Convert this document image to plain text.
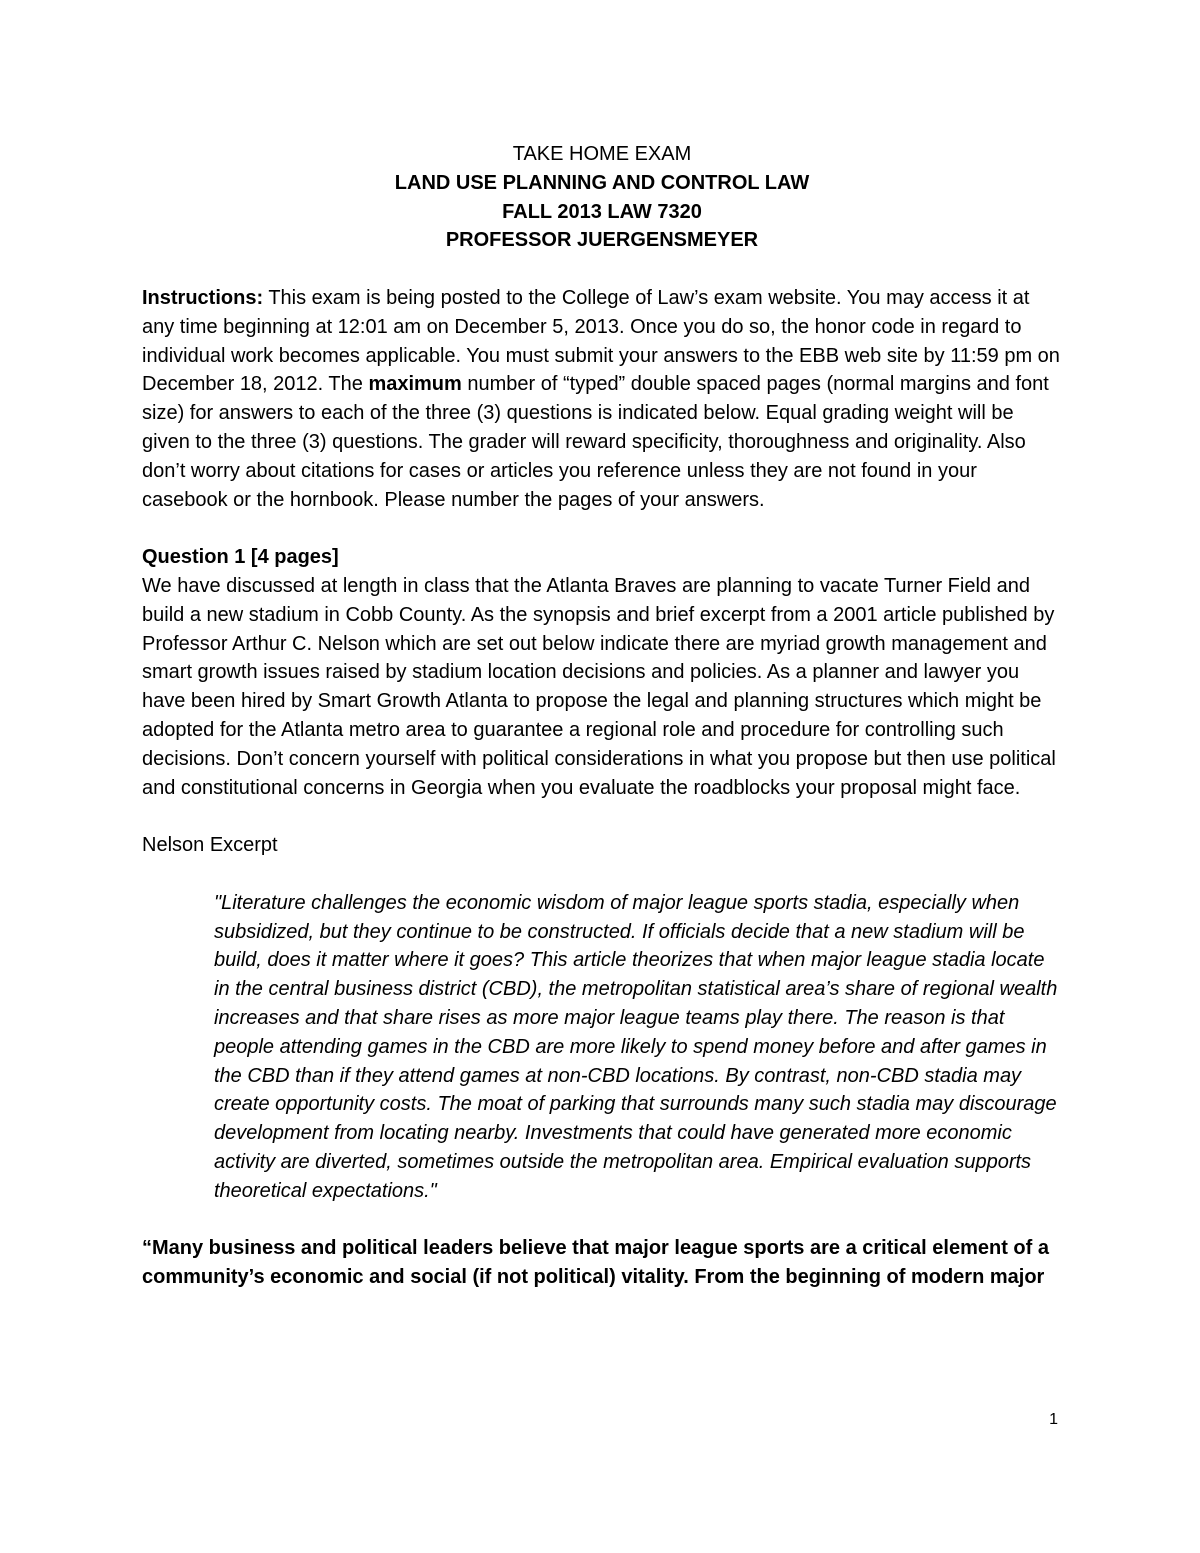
TAKE HOME EXAM
LAND USE PLANNING AND CONTROL LAW
FALL 2013 LAW 7320
PROFESSOR JUERGENSMEYER

Instructions: This exam is being posted to the College of Law’s exam website. You may access it at any time beginning at 12:01 am on December 5, 2013. Once you do so, the honor code in regard to individual work becomes applicable. You must submit your answers to the EBB web site by 11:59 pm on December 18, 2012. The maximum number of “typed” double spaced pages (normal margins and font size) for answers to each of the three (3) questions is indicated below. Equal grading weight will be given to the three (3) questions. The grader will reward specificity, thoroughness and originality. Also don’t worry about citations for cases or articles you reference unless they are not found in your casebook or the hornbook. Please number the pages of your answers.

Question 1 [4 pages]

We have discussed at length in class that the Atlanta Braves are planning to vacate Turner Field and build a new stadium in Cobb County. As the synopsis and brief excerpt from a 2001 article published by Professor Arthur C. Nelson which are set out below indicate there are myriad growth management and smart growth issues raised by stadium location decisions and policies. As a planner and lawyer you have been hired by Smart Growth Atlanta to propose the legal and planning structures which might be adopted for the Atlanta metro area to guarantee a regional role and procedure for controlling such decisions. Don’t concern yourself with political considerations in what you propose but then use political and constitutional concerns in Georgia when you evaluate the roadblocks your proposal might face.

Nelson Excerpt

"Literature challenges the economic wisdom of major league sports stadia, especially when subsidized, but they continue to be constructed. If officials decide that a new stadium will be build, does it matter where it goes? This article theorizes that when major league stadia locate in the central business district (CBD), the metropolitan statistical area’s share of regional wealth increases and that share rises as more major league teams play there. The reason is that people attending games in the CBD are more likely to spend money before and after games in the CBD than if they attend games at non-CBD locations. By contrast, non-CBD stadia may create opportunity costs. The moat of parking that surrounds many such stadia may discourage development from locating nearby. Investments that could have generated more economic activity are diverted, sometimes outside the metropolitan area. Empirical evaluation supports theoretical expectations."

“Many business and political leaders believe that major league sports are a critical element of a community’s economic and social (if not political) vitality. From the beginning of modern major

1
